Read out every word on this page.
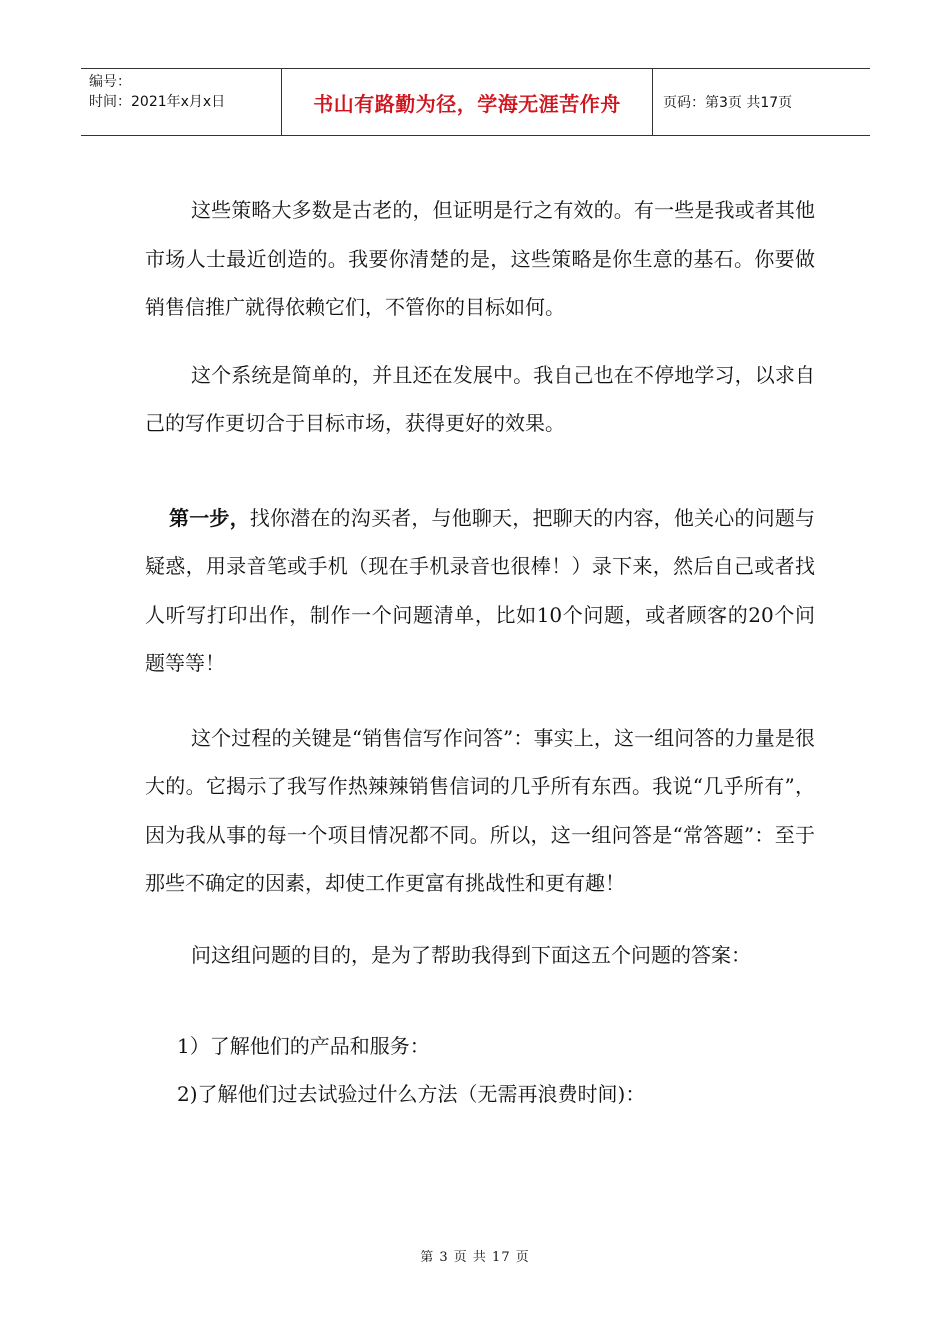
编号：
时间：2021年x月x日	书山有路勤为径，学海无涯苦作舟	页码：第3页 共17页

这些策略大多数是古老的，但证明是行之有效的。有一些是我或者其他市场人士最近创造的。我要你清楚的是，这些策略是你生意的基石。你要做销售信推广就得依赖它们，不管你的目标如何。

这个系统是简单的，并且还在发展中。我自己也在不停地学习，以求自己的写作更切合于目标市场，获得更好的效果。

第一步，找你潜在的沟买者，与他聊天，把聊天的内容，他关心的问题与疑惑，用录音笔或手机（现在手机录音也很棒！）录下来，然后自己或者找人听写打印出作，制作一个问题清单，比如10个问题，或者顾客的20个问题等等！

这个过程的关键是“销售信写作问答”：事实上，这一组问答的力量是很大的。它揭示了我写作热辣辣销售信词的几乎所有东西。我说“几乎所有”，因为我从事的每一个项目情况都不同。所以，这一组问答是“常答题”：至于那些不确定的因素，却使工作更富有挑战性和更有趣！

问这组问题的目的，是为了帮助我得到下面这五个问题的答案：

1）了解他们的产品和服务：

2)了解他们过去试验过什么方法（无需再浪费时间)：

第 3 页 共 17 页
